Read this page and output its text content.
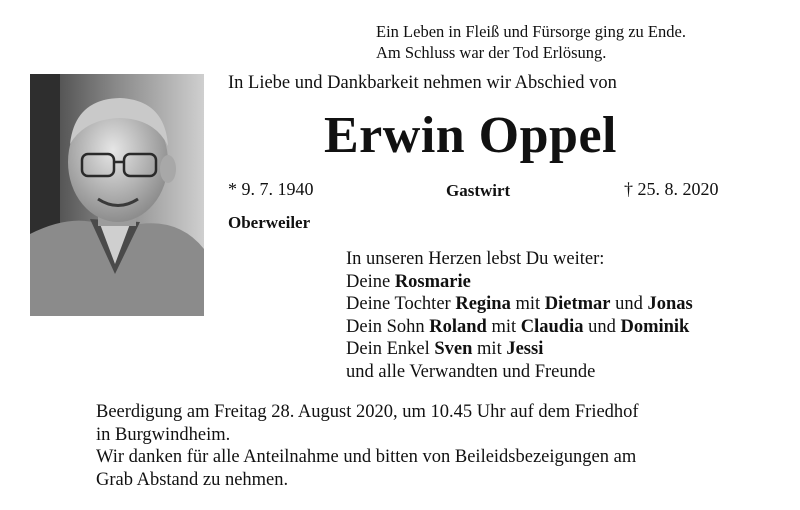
Ein Leben in Fleiß und Fürsorge ging zu Ende.
Am Schluss war der Tod Erlösung.
In Liebe und Dankbarkeit nehmen wir Abschied von
Erwin Oppel
* 9. 7. 1940	Gastwirt	† 25. 8. 2020
Oberweiler
In unseren Herzen lebst Du weiter:
Deine Rosmarie
Deine Tochter Regina mit Dietmar und Jonas
Dein Sohn Roland mit Claudia und Dominik
Dein Enkel Sven mit Jessi
und alle Verwandten und Freunde
Beerdigung am Freitag 28. August 2020, um 10.45 Uhr auf dem Friedhof
in Burgwindheim.
Wir danken für alle Anteilnahme und bitten von Beileidsbezeigungen am
Grab Abstand zu nehmen.
